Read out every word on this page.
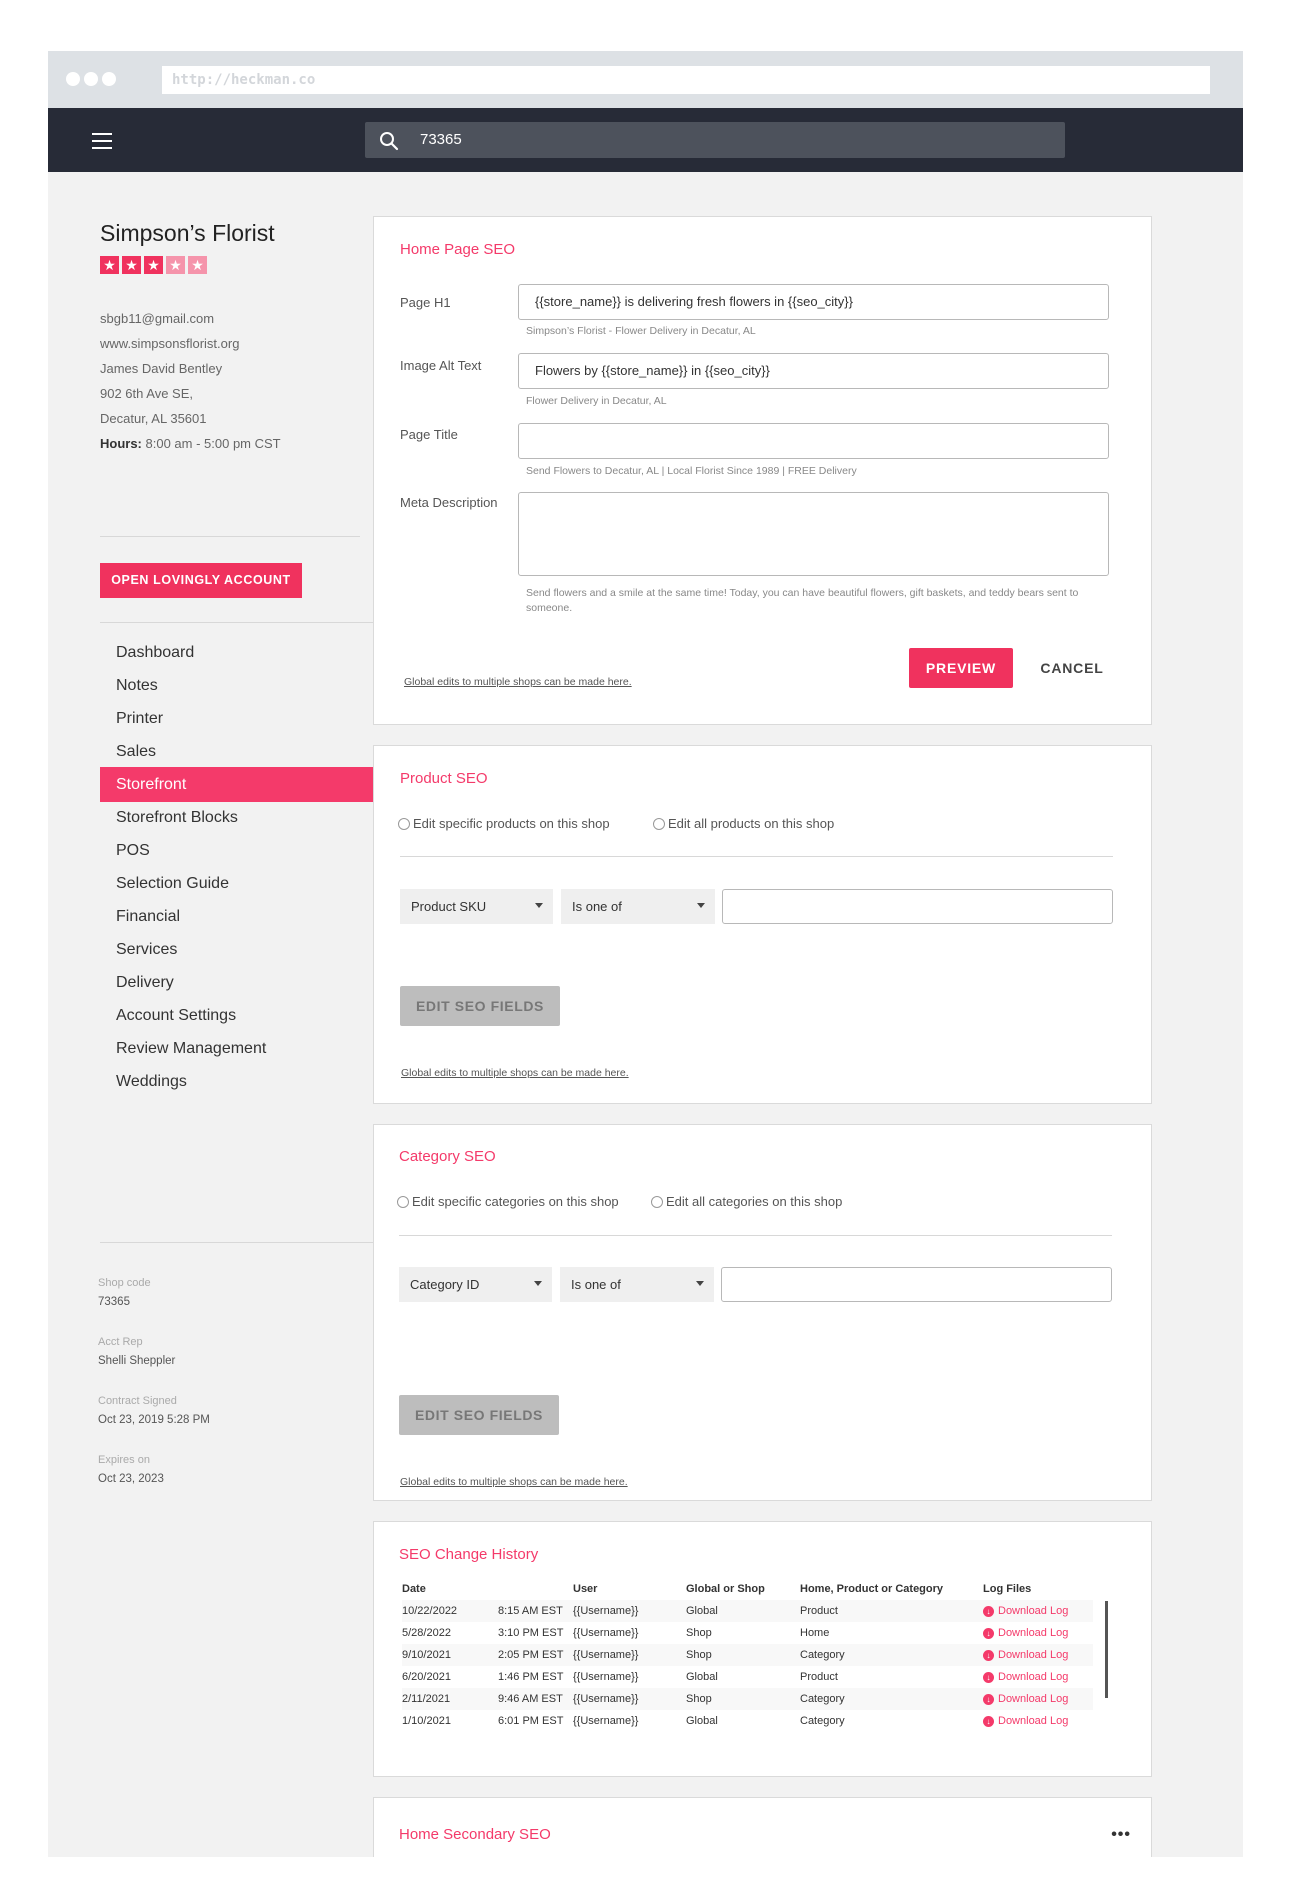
http://heckman.co
73365
Simpson’s Florist
★ ★ ★ ★ ★
sbgb11@gmail.com
www.simpsonsflorist.org
James David Bentley
902 6th Ave SE,
Decatur, AL 35601
Hours: 8:00 am - 5:00 pm CST
OPEN LOVINGLY ACCOUNT
Dashboard
Notes
Printer
Sales
Storefront
Storefront Blocks
POS
Selection Guide
Financial
Services
Delivery
Account Settings
Review Management
Weddings
Shop code
73365
Acct Rep
Shelli Sheppler
Contract Signed
Oct 23, 2019 5:28 PM
Expires on
Oct 23, 2023
Home Page SEO
Page H1	{{store_name}} is delivering fresh flowers in {{seo_city}}
Simpson’s Florist - Flower Delivery in Decatur, AL
Image Alt Text	Flowers by {{store_name}} in {{seo_city}}
Flower Delivery in Decatur, AL
Page Title
Send Flowers to Decatur, AL | Local Florist Since 1989 | FREE Delivery
Meta Description
Send flowers and a smile at the same time! Today, you can have beautiful flowers, gift baskets, and teddy bears sent to someone.
Global edits to multiple shops can be made here.
PREVIEW	CANCEL
Product SEO
Edit specific products on this shop	Edit all products on this shop
Product SKU	Is one of
EDIT SEO FIELDS
Global edits to multiple shops can be made here.
Category SEO
Edit specific categories on this shop	Edit all categories on this shop
Category ID	Is one of
EDIT SEO FIELDS
Global edits to multiple shops can be made here.
SEO Change History
Date		User	Global or Shop	Home, Product or Category	Log Files
10/22/2022	8:15 AM EST	{{Username}}	Global	Product	↓ Download Log

5/28/2022	3:10 PM EST	{{Username}}	Shop	Home	↓ Download Log

9/10/2021	2:05 PM EST	{{Username}}	Shop	Category	↓ Download Log

6/20/2021	1:46 PM EST	{{Username}}	Global	Product	↓ Download Log

2/11/2021	9:46 AM EST	{{Username}}	Shop	Category	↓ Download Log

1/10/2021	6:01 PM EST	{{Username}}	Global	Category	↓ Download Log
Home Secondary SEO	•••
